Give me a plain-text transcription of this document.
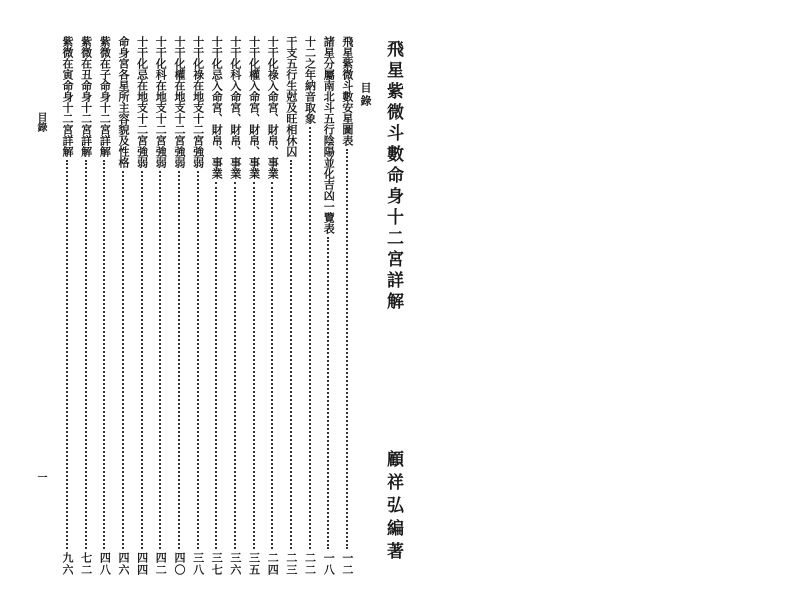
飛星紫微斗數命身十二宮詳解
顧祥弘編著
目錄
飛星紫微斗數安星圖表
一二
諸星分屬南北斗五行陰陽並化吉凶一覽表
一八
十二之年納音取象
二二
干支五行生尅及旺相休囚
二三
十干化祿入命宮、財帛、事業
二四
十干化權入命宮、財帛、事業
三五
十干化科入命宮、財帛、事業
三六
十干化忌入命宮、財帛、事業
三七
十干化祿在地支十二宮強弱
三八
十干化權在地支十二宮強弱
四〇
十干化科在地支十二宮強弱
四二
十干化忌在地支十二宮強弱
四四
命身宮各星所主容貌及性格
四六
紫微在子命身十二宮詳解
四八
紫微在丑命身十二宮詳解
七二
紫微在寅命身十二宮詳解
九六
目錄
一
